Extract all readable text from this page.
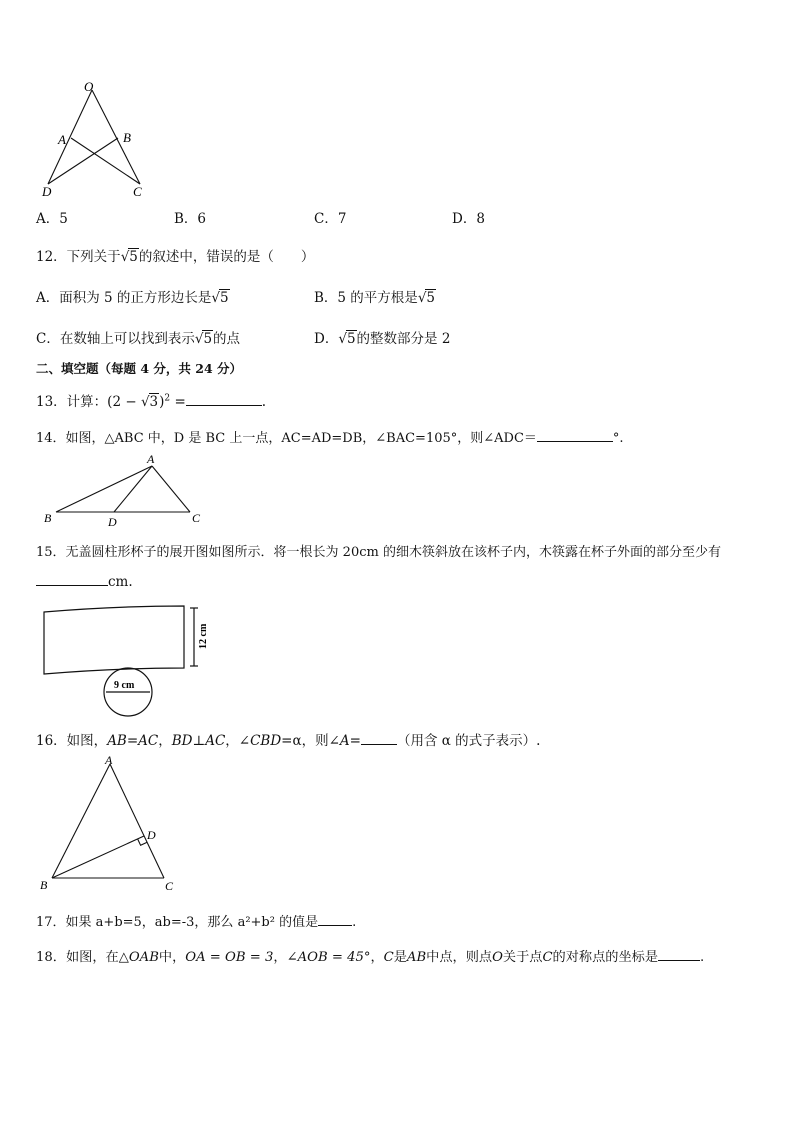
O
A	B
D	C
A．5	B．6	C．7	D．8
12．下列关于√5的叙述中，错误的是（　　）
A．面积为 5 的正方形边长是√5	B．5 的平方根是√5
C．在数轴上可以找到表示√5的点	D．√5的整数部分是 2
二、填空题（每题 4 分，共 24 分）
13．计算：$(2 - √3)^2$ =	.
14．如图，△ABC 中，D 是 BC 上一点，AC=AD=DB，∠BAC=105°，则∠ADC＝	°.
A
B	D	C
15．无盖圆柱形杯子的展开图如图所示．将一根长为 20cm 的细木筷斜放在该杯子内，木筷露在杯子外面的部分至少有
cm.
12 cm
9 cm
16．如图，AB=AC，BD⊥AC，∠CBD=α，则∠A=	（用含 α 的式子表示）.
A
D
B	C
17．如果 a+b=5，ab=-3，那么 a²+b² 的值是	.
18．如图，在△OAB中，OA = OB = 3，∠AOB = 45°，C是AB中点，则点O关于点C的对称点的坐标是	.
